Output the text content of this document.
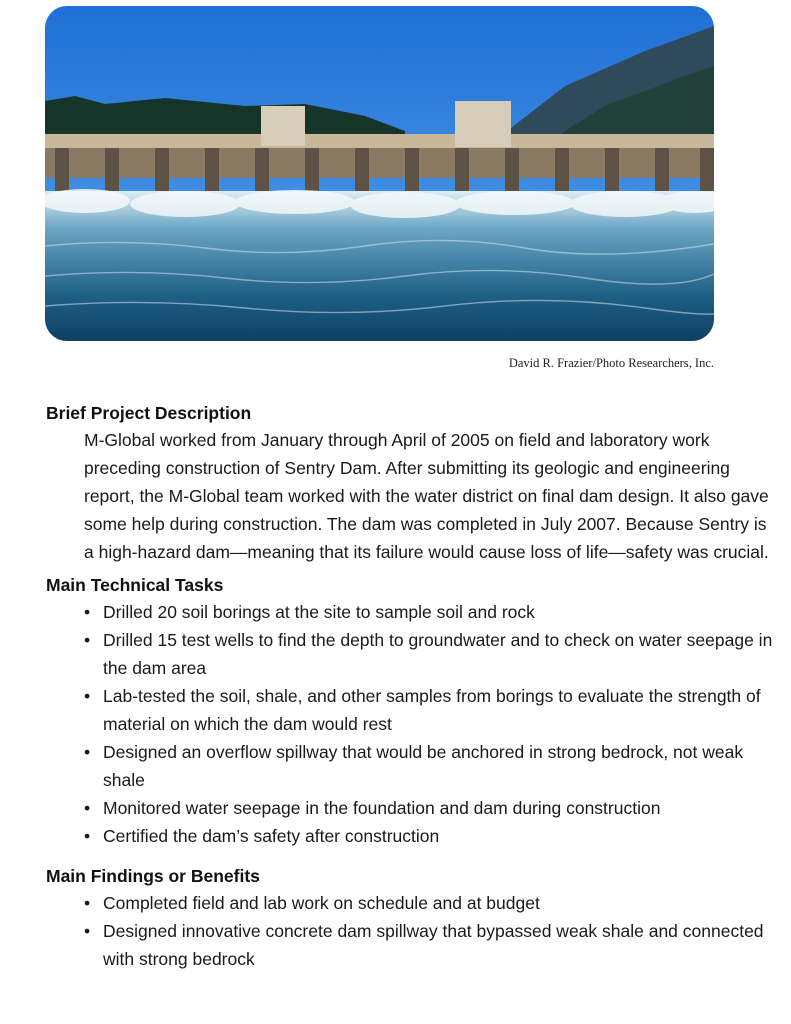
David R. Frazier/Photo Researchers, Inc.
Brief Project Description

M-Global worked from January through April of 2005 on field and laboratory work preceding construction of Sentry Dam. After submitting its geologic and engineering report, the M-Global team worked with the water district on final dam design. It also gave some help during construction. The dam was completed in July 2007. Because Sentry is a high-hazard dam—meaning that its failure would cause loss of life—safety was crucial.

Main Technical Tasks
• Drilled 20 soil borings at the site to sample soil and rock
• Drilled 15 test wells to find the depth to groundwater and to check on water seepage in the dam area
• Lab-tested the soil, shale, and other samples from borings to evaluate the strength of material on which the dam would rest
• Designed an overflow spillway that would be anchored in strong bedrock, not weak shale
• Monitored water seepage in the foundation and dam during construction
• Certified the dam’s safety after construction
Main Findings or Benefits
• Completed field and lab work on schedule and at budget
• Designed innovative concrete dam spillway that bypassed weak shale and connected with strong bedrock
